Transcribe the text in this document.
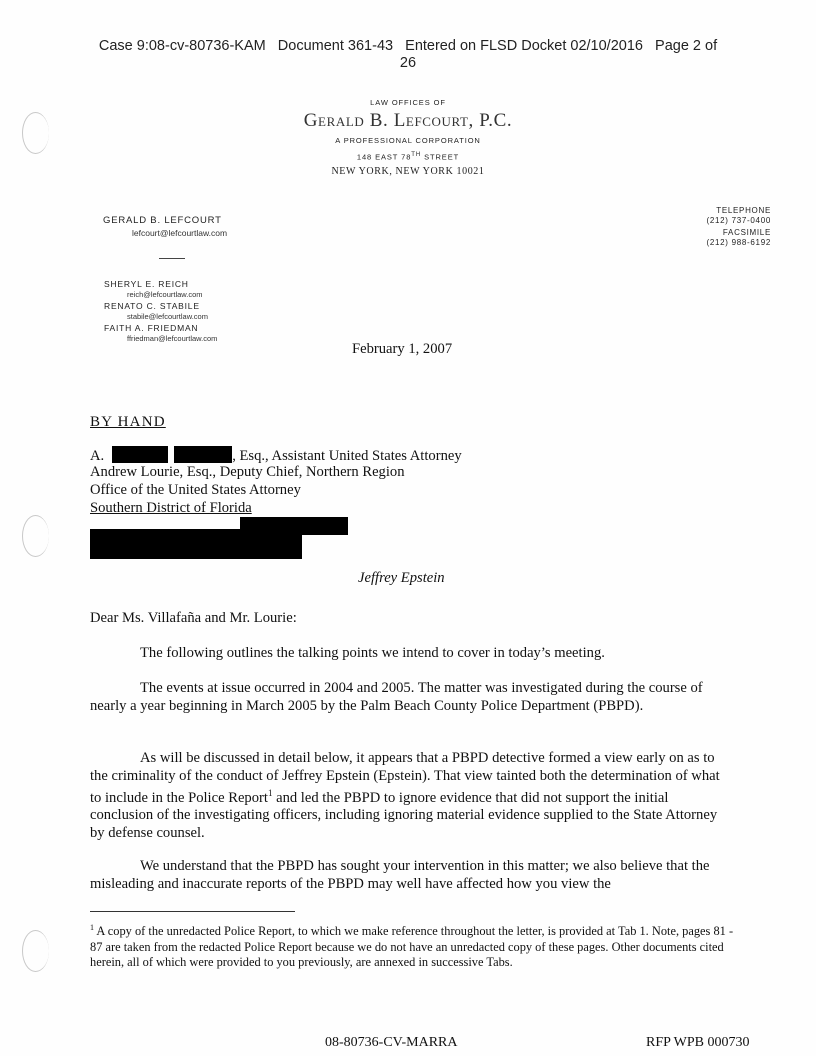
Case 9:08-cv-80736-KAM   Document 361-43   Entered on FLSD Docket 02/10/2016   Page 2 of
26
LAW OFFICES OF
Gerald B. Lefcourt, P.C.
A PROFESSIONAL CORPORATION
148 EAST 78TH STREET
NEW YORK, NEW YORK 10021
GERALD B. LEFCOURT
lefcourt@lefcourtlaw.com
SHERYL E. REICH
reich@lefcourtlaw.com
RENATO C. STABILE
stabile@lefcourtlaw.com
FAITH A. FRIEDMAN
ffriedman@lefcourtlaw.com
TELEPHONE
(212) 737-0400
FACSIMILE
(212) 988-6192
February 1, 2007
BY HAND
A.	, Esq., Assistant United States Attorney
Andrew Lourie, Esq., Deputy Chief, Northern Region
Office of the United States Attorney
Southern District of Florida
Jeffrey Epstein
Dear Ms. Villafaña and Mr. Lourie:
The following outlines the talking points we intend to cover in today’s meeting.
The events at issue occurred in 2004 and 2005. The matter was investigated during the course of nearly a year beginning in March 2005 by the Palm Beach County Police Department (PBPD).
As will be discussed in detail below, it appears that a PBPD detective formed a view early on as to the criminality of the conduct of Jeffrey Epstein (Epstein). That view tainted both the determination of what to include in the Police Report$^1$ and led the PBPD to ignore evidence that did not support the initial conclusion of the investigating officers, including ignoring material evidence supplied to the State Attorney by defense counsel.
We understand that the PBPD has sought your intervention in this matter; we also believe that the misleading and inaccurate reports of the PBPD may well have affected how you view the
$^1$ A copy of the unredacted Police Report, to which we make reference throughout the letter, is provided at Tab 1. Note, pages 81 - 87 are taken from the redacted Police Report because we do not have an unredacted copy of these pages. Other documents cited herein, all of which were provided to you previously, are annexed in successive Tabs.
08-80736-CV-MARRA	RFP WPB 000730
